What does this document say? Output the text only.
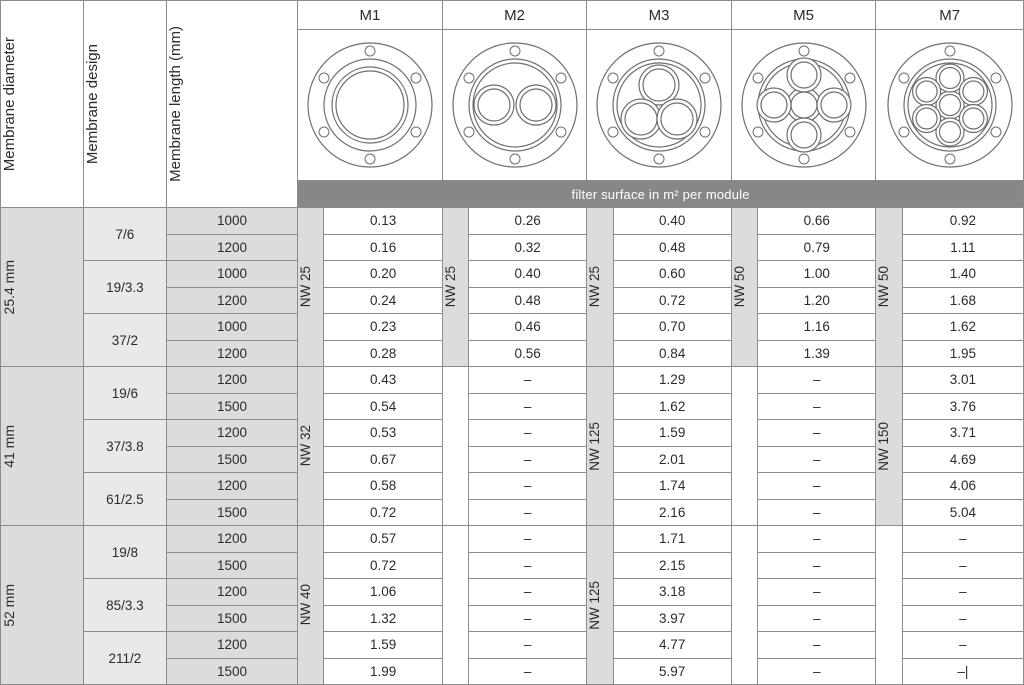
Membrane diameter	Membrane design	Membrane length (mm)	M1		M2		M3		M5		M7	

			filter surface in m² per module									

25.4 mm	7/6	1000	NW 25	0.13	NW 25	0.26	NW 25	0.40	NW 50	0.66	NW 50	0.92
		1200		0.16		0.32		0.48		0.79		1.11
	19/3.3	1000		0.20		0.40		0.60		1.00		1.40
		1200		0.24		0.48		0.72		1.20		1.68
	37/2	1000		0.23		0.46		0.70		1.16		1.62
		1200		0.28		0.56		0.84		1.39		1.95

41 mm	19/6	1200	NW 32	0.43		–	NW 125	1.29		–	NW 150	3.01
		1500		0.54		–		1.62		–		3.76
	37/3.8	1200		0.53		–		1.59		–		3.71
		1500		0.67		–		2.01		–		4.69
	61/2.5	1200		0.58		–		1.74		–		4.06
		1500		0.72		–		2.16		–		5.04

52 mm	19/8	1200	NW 40	0.57		–	NW 125	1.71		–		–
		1500		0.72		–		2.15		–		–
	85/3.3	1200		1.06		–		3.18		–		–
		1500		1.32		–		3.97		–		–
	211/2	1200		1.59		–		4.77		–		–
		1500		1.99		–		5.97		–		–|
